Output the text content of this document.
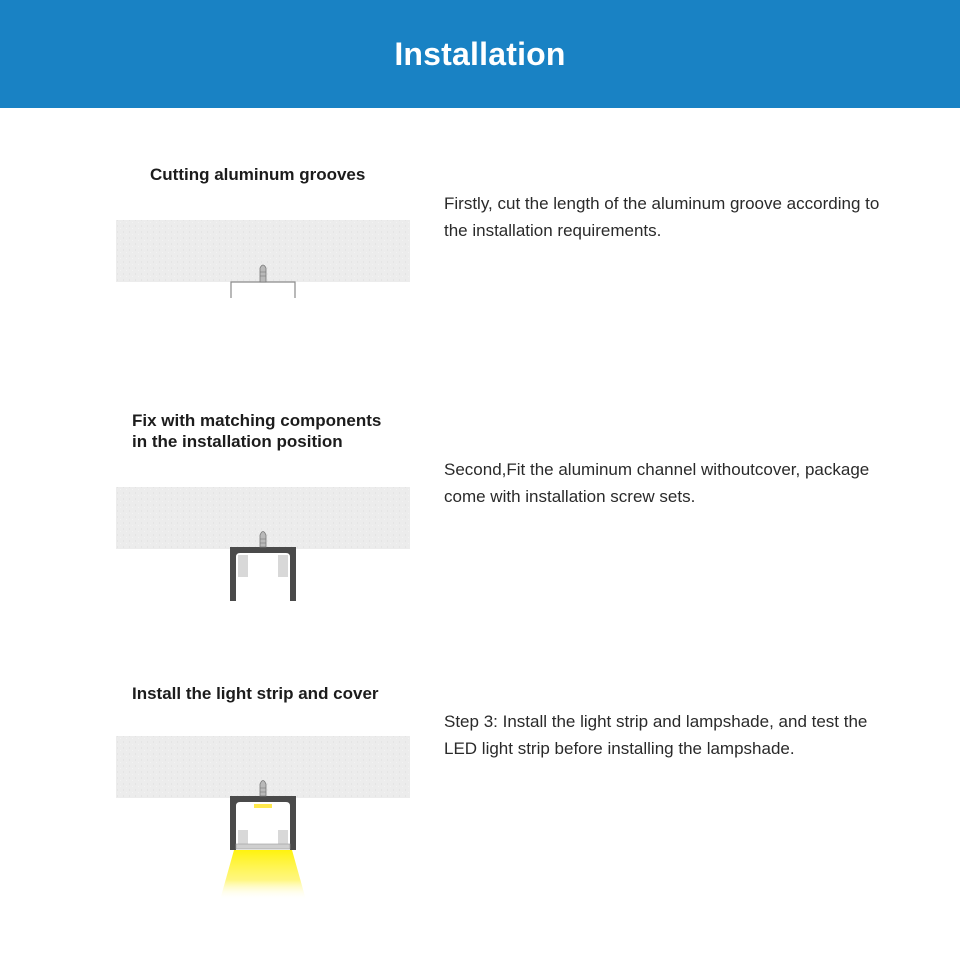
Installation
Cutting aluminum grooves
Firstly, cut the length of the aluminum groove according to the installation requirements.
Fix with matching components
in the installation position
Second,Fit the aluminum channel withoutcover, package come with installation screw sets.
Install the light strip and cover
Step 3: Install the light strip and lampshade, and test the LED light strip before installing the lampshade.
